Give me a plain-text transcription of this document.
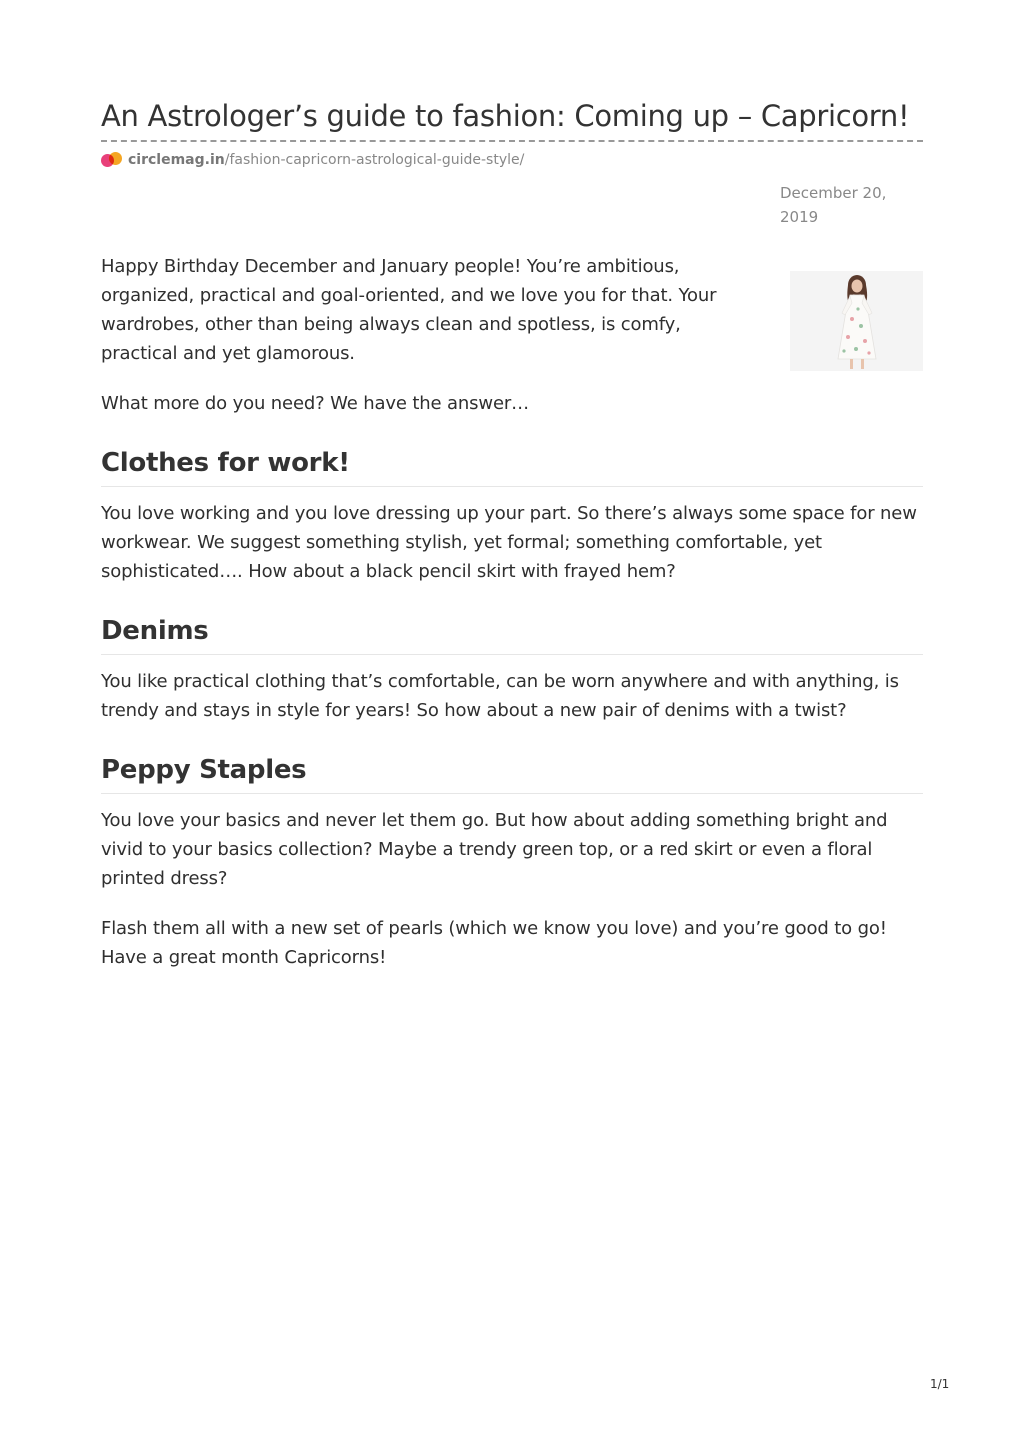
An Astrologer’s guide to fashion: Coming up – Capricorn!
circlemag.in /fashion-capricorn-astrological-guide-style/
December 20, 2019

Happy Birthday December and January people! You’re ambitious, organized, practical and goal-oriented, and we love you for that. Your wardrobes, other than being always clean and spotless, is comfy, practical and yet glamorous.

What more do you need? We have the answer…

Clothes for work!

You love working and you love dressing up your part. So there’s always some space for new workwear. We suggest something stylish, yet formal; something comfortable, yet sophisticated…. How about a black pencil skirt with frayed hem?

Denims

You like practical clothing that’s comfortable, can be worn anywhere and with anything, is trendy and stays in style for years! So how about a new pair of denims with a twist?

Peppy Staples

You love your basics and never let them go. But how about adding something bright and vivid to your basics collection? Maybe a trendy green top, or a red skirt or even a floral printed dress?

Flash them all with a new set of pearls (which we know you love) and you’re good to go! Have a great month Capricorns!

1/1
